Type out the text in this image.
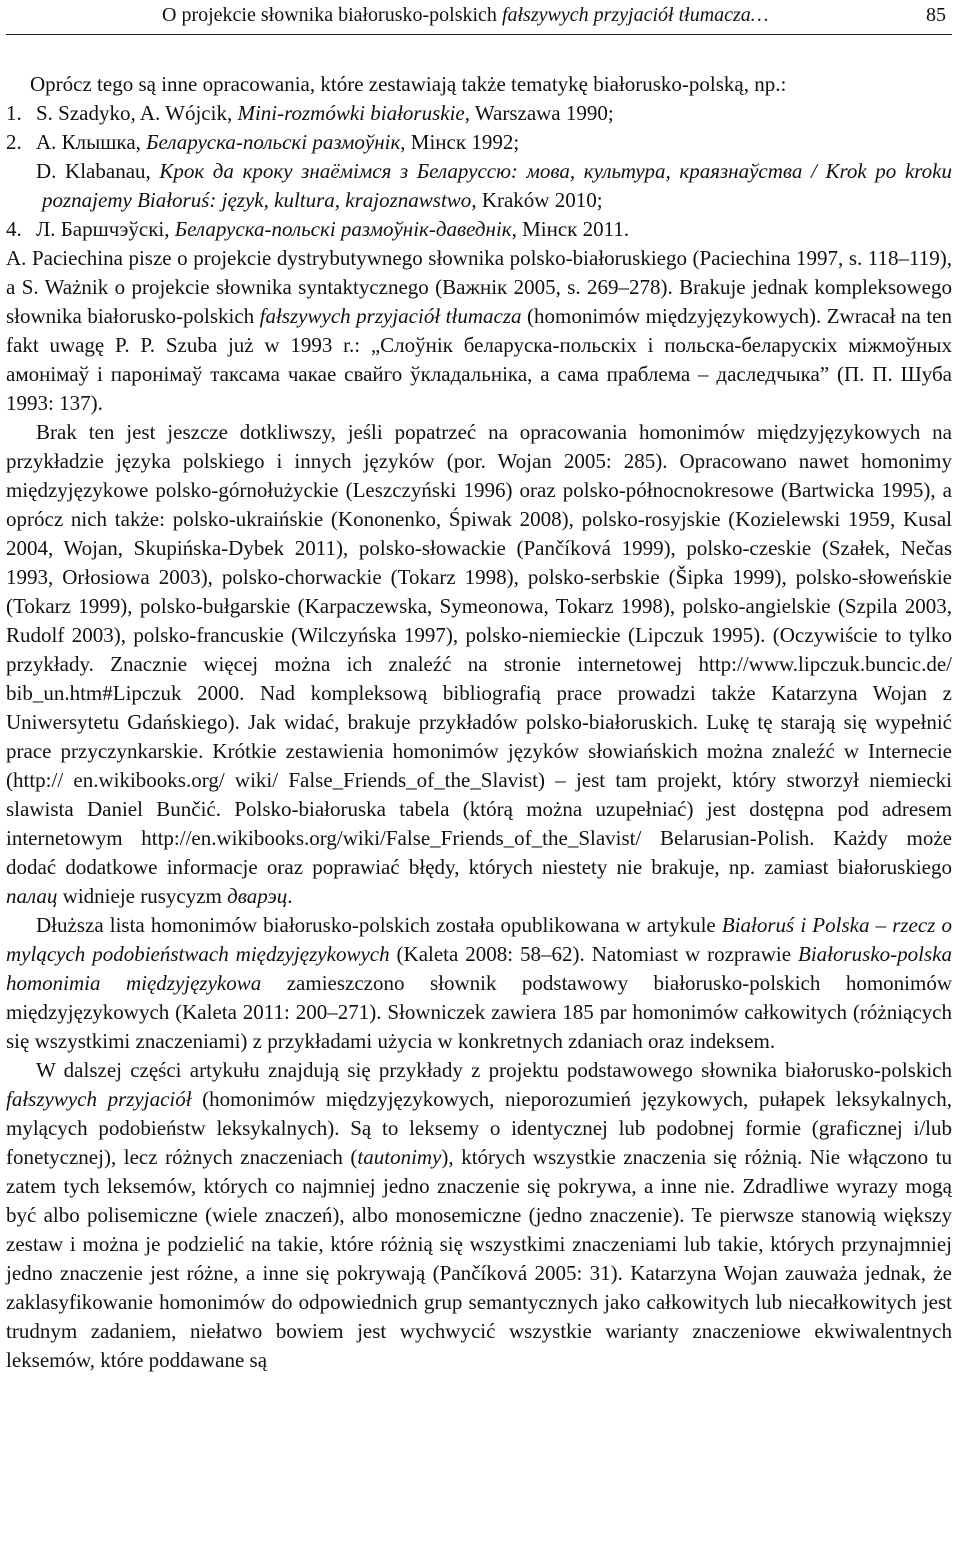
O projekcie słownika białorusko-polskich fałszywych przyjaciół tłumacza…	85

Oprócz tego są inne opracowania, które zestawiają także tematykę białorusko-polską, np.:

1. S. Szadyko, A. Wójcik, Mini-rozmówki białoruskie, Warszawa 1990;

2. A. Клышка, Беларуска-польскі размоўнік, Мінск 1992;

D. Klabanau, Крок да кроку знаёмімся з Беларуссю: мова, культура, краязнаўства / Krok po kroku poznajemy Białoruś: język, kultura, krajoznawstwo, Kraków 2010;

4. Л. Баршчэўскі, Беларуска-польскі размоўнік-даведнік, Мінск 2011.

A. Paciechina pisze o projekcie dystrybutywnego słownika polsko-białoruskiego (Paciechina 1997, s. 118–119), a S. Ważnik o projekcie słownika syntaktycznego (Важнік 2005, s. 269–278). Brakuje jednak kompleksowego słownika białorusko-polskich fałszywych przyjaciół tłumacza (homonimów międzyjęzykowych). Zwracał na ten fakt uwagę P. P. Szuba już w 1993 r.: „Слоўнік беларуска-польскіх і польска-беларускіх міжмоўных амонімаў і паронімаў таксама чакае свайго ўкладальніка, а сама праблема – даследчыка” (П. П. Шуба 1993: 137).

Brak ten jest jeszcze dotkliwszy, jeśli popatrzeć na opracowania homonimów międzyjęzykowych na przykładzie języka polskiego i innych języków (por. Wojan 2005: 285). Opracowano nawet homonimy międzyjęzykowe polsko-górnołużyckie (Leszczyński 1996) oraz polsko-północnokresowe (Bartwicka 1995), a oprócz nich także: polsko-ukraińskie (Kononenko, Śpiwak 2008), polsko-rosyjskie (Kozielewski 1959, Kusal 2004, Wojan, Skupińska-Dybek 2011), polsko-słowackie (Pančíková 1999), polsko-czeskie (Szałek, Nečas 1993, Orłosiowa 2003), polsko-chorwackie (Tokarz 1998), polsko-serbskie (Šipka 1999), polsko-słoweńskie (Tokarz 1999), polsko-bułgarskie (Karpaczewska, Symeonowa, Tokarz 1998), polsko-angielskie (Szpila 2003, Rudolf 2003), polsko-francuskie (Wilczyńska 1997), polsko-niemieckie (Lipczuk 1995). (Oczywiście to tylko przykłady. Znacznie więcej można ich znaleźć na stronie internetowej http://www.lipczuk.buncic.de/ bib_un.htm#Lipczuk 2000. Nad kompleksową bibliografią prace prowadzi także Katarzyna Wojan z Uniwersytetu Gdańskiego). Jak widać, brakuje przykładów polsko-białoruskich. Lukę tę starają się wypełnić prace przyczynkarskie. Krótkie zestawienia homonimów języków słowiańskich można znaleźć w Internecie (http:// en.wikibooks.org/ wiki/ False_Friends_of_the_Slavist) – jest tam projekt, który stworzył niemiecki slawista Daniel Bunčić. Polsko-białoruska tabela (którą można uzupełniać) jest dostępna pod adresem internetowym http://en.wikibooks.org/wiki/False_Friends_of_the_Slavist/ Belarusian-Polish. Każdy może dodać dodatkowe informacje oraz poprawiać błędy, których niestety nie brakuje, np. zamiast białoruskiego палац widnieje rusycyzm дварэц.

Dłuższa lista homonimów białorusko-polskich została opublikowana w artykule Białoruś i Polska – rzecz o mylących podobieństwach międzyjęzykowych (Kaleta 2008: 58–62). Natomiast w rozprawie Białorusko-polska homonimia międzyjęzykowa zamieszczono słownik podstawowy białorusko-polskich homonimów międzyjęzykowych (Kaleta 2011: 200–271). Słowniczek zawiera 185 par homonimów całkowitych (różniących się wszystkimi znaczeniami) z przykładami użycia w konkretnych zdaniach oraz indeksem.

W dalszej części artykułu znajdują się przykłady z projektu podstawowego słownika białorusko-polskich fałszywych przyjaciół (homonimów międzyjęzykowych, nieporozumień językowych, pułapek leksykalnych, mylących podobieństw leksykalnych). Są to leksemy o identycznej lub podobnej formie (graficznej i/lub fonetycznej), lecz różnych znaczeniach (tautonimy), których wszystkie znaczenia się różnią. Nie włączono tu zatem tych leksemów, których co najmniej jedno znaczenie się pokrywa, a inne nie. Zdradliwe wyrazy mogą być albo polisemiczne (wiele znaczeń), albo monosemiczne (jedno znaczenie). Te pierwsze stanowią większy zestaw i można je podzielić na takie, które różnią się wszystkimi znaczeniami lub takie, których przynajmniej jedno znaczenie jest różne, a inne się pokrywają (Pančíková 2005: 31). Katarzyna Wojan zauważa jednak, że zaklasyfikowanie homonimów do odpowiednich grup semantycznych jako całkowitych lub niecałkowitych jest trudnym zadaniem, niełatwo bowiem jest wychwycić wszystkie warianty znaczeniowe ekwiwalentnych leksemów, które poddawane są
